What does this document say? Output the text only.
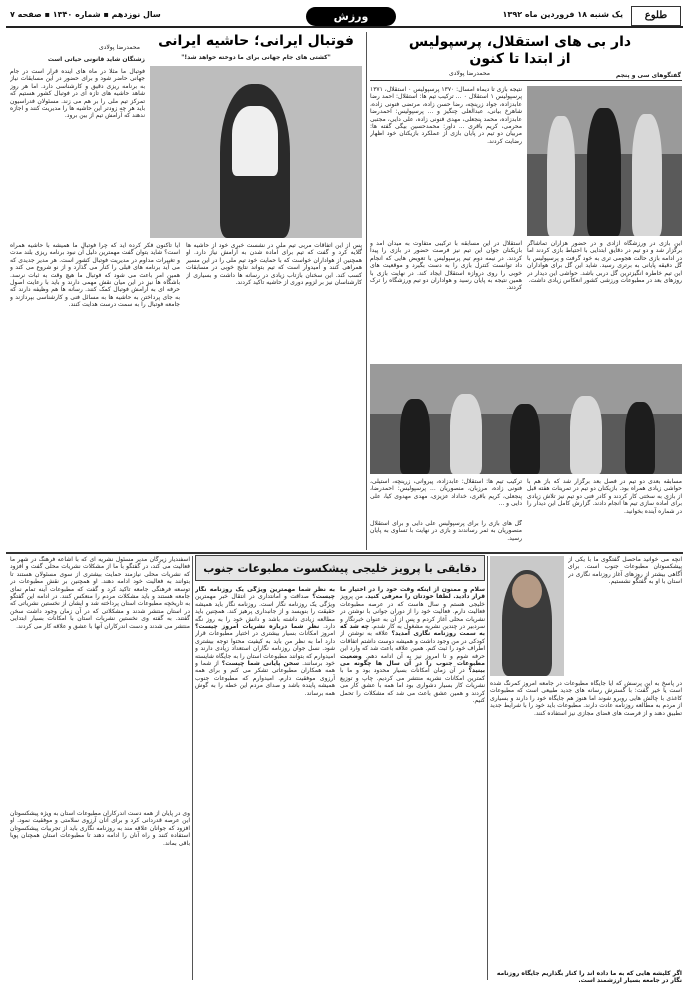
طلوع
یک شنبه ۱۸ فروردین ماه ۱۳۹۲
ورزش
سال نوزدهم ▪ شماره ۱۳۴۰ ▪ صفحه ۷
دار بی های استقلال، پرسپولیس
از ابتدا تا کنون
محمدرضا پولادی	گفتگوهای سی و پنجم
نتیجه بازی تا دیماه امسال: ۱۳۷۰ پرسپولیس ۰ استقلال، ۱۳۷۱ پرسپولیس ۱ استقلال ۰ ... ترکیب تیم ها: استقلال: احمد رضا عابدزاده، جواد زرینچه، رضا حسن زاده، مرتضی فنونی زاده، شاهرخ بیانی، عبدالعلی چنگیز و ... پرسپولیس: احمدرضا عابدزاده، محمد پنجعلی، مهدی فنونی زاده، علی دایی، مجتبی محرمی، کریم باقری ... داور: محمدحسین بیگی گفته ها: مربیان دو تیم در پایان بازی از عملکرد بازیکنان خود اظهار رضایت کردند.
این بازی در ورزشگاه آزادی و در حضور هزاران تماشاگر برگزار شد و دو تیم در دقایق ابتدایی با احتیاط بازی کردند اما در ادامه بازی حالت هجومی تری به خود گرفت و پرسپولیس با گل دقیقه پایانی به برتری رسید. شاید این گل برای هواداران این تیم خاطره انگیزترین گل دربی باشد. حواشی این دیدار در روزهای بعد در مطبوعات ورزشی کشور انعکاس زیادی داشت.
استقلال در این مسابقه با ترکیبی متفاوت به میدان آمد و بازیکنان جوان این تیم نیز فرصت حضور در بازی را پیدا کردند. در نیمه دوم تیم پرسپولیس با تعویض هایی که انجام داد توانست کنترل بازی را به دست بگیرد و موقعیت های خوبی را روی دروازه استقلال ایجاد کند. در نهایت بازی با همین نتیجه به پایان رسید و هواداران دو تیم ورزشگاه را ترک کردند.
مسابقه بعدی دو تیم در فصل بعد برگزار شد که باز هم با حواشی زیادی همراه بود. بازیکنان دو تیم در تمرینات هفته قبل از بازی به سختی کار کردند و کادر فنی دو تیم نیز تلاش زیادی برای آماده سازی تیم ها انجام دادند. گزارش کامل این دیدار را در شماره آینده بخوانید.
ترکیب تیم ها: استقلال: عابدزاده، پیروانی، زرینچه، استیلی، فنونی زاده، مرزبان، منصوریان ... پرسپولیس: احمدرضا، پنجعلی، کریم باقری، خداداد عزیزی، مهدی مهدوی کیا، علی دایی و ...
گل های بازی را برای پرسپولیس علی دایی و برای استقلال منصوریان به ثمر رساندند و بازی در نهایت با تساوی به پایان رسید.
فوتبال ایرانی؛ حاشیه ایرانی
محمدرضا پولادی
"کشتی های جام جهانی برای ما دوخته خواهد شد!"
زشتگان شاید قانونی حیاتی است
فوتبال ما مثلا در ماه های آینده قرار است در جام جهانی حاضر شود و برای حضور در این مسابقات نیاز به برنامه ریزی دقیق و کارشناسی دارد. اما هر روز شاهد حاشیه های تازه ای در فوتبال کشور هستیم که تمرکز تیم ملی را بر هم می زند. مسئولان فدراسیون باید هر چه زودتر این حاشیه ها را مدیریت کنند و اجازه ندهند که آرامش تیم از بین برود.
آیا تاکنون فکر کرده اید که چرا فوتبال ما همیشه با حاشیه همراه است؟ شاید بتوان گفت مهمترین دلیل آن نبود برنامه ریزی بلند مدت و تغییرات مداوم در مدیریت فوتبال کشور است. هر مدیر جدیدی که می آید برنامه های قبلی را کنار می گذارد و از نو شروع می کند و همین امر باعث می شود که فوتبال ما هیچ وقت به ثبات نرسد. باشگاه ها نیز در این میان نقش مهمی دارند و باید با رعایت اصول حرفه ای به آرامش فوتبال کمک کنند. رسانه ها هم وظیفه دارند که به جای پرداختن به حاشیه ها به مسائل فنی و کارشناسی بپردازند و جامعه فوتبال را به سمت درست هدایت کنند.
پس از این اتفاقات مربی تیم ملی در نشست خبری خود از حاشیه ها گلایه کرد و گفت که تیم برای آماده شدن به آرامش نیاز دارد. او همچنین از هواداران خواست که با حمایت خود تیم ملی را در این مسیر همراهی کنند و امیدوار است که تیم بتواند نتایج خوبی در مسابقات کسب کند. این سخنان بازتاب زیادی در رسانه ها داشت و بسیاری از کارشناسان نیز بر لزوم دوری از حاشیه تاکید کردند.
دقایقی با پرویز خلیجی پیشکسوت مطبوعات جنوب
اسفندیار زیرگان مدیر مسئول نشریه ای که با اشاعه فرهنگ در شهر ما فعالیت می کند، در گفتگو با ما از مشکلات نشریات محلی گفت و افزود که نشریات محلی نیازمند حمایت بیشتری از سوی مسئولان هستند تا بتوانند به فعالیت خود ادامه دهند. او همچنین بر نقش مطبوعات در توسعه فرهنگی جامعه تاکید کرد و گفت که مطبوعات آینه تمام نمای جامعه هستند و باید مشکلات مردم را منعکس کنند. در ادامه این گفتگو به تاریخچه مطبوعات استان پرداخته شد و ایشان از نخستین نشریاتی که در استان منتشر شدند و مشکلاتی که در آن زمان وجود داشت سخن گفتند. به گفته وی نخستین نشریات استان با امکانات بسیار ابتدایی منتشر می شدند و دست اندرکاران آنها با عشق و علاقه کار می کردند.
وی در پایان از همه دست اندرکاران مطبوعات استان به ویژه پیشکسوتان این عرصه قدردانی کرد و برای آنان آرزوی سلامتی و موفقیت نمود. او افزود که جوانان علاقه مند به روزنامه نگاری باید از تجربیات پیشکسوتان استفاده کنند و راه آنان را ادامه دهند تا مطبوعات استان همچنان پویا باقی بماند.
سلام و ممنون از اینکه وقت خود را در اختیار ما قرار دادید. لطفا خودتان را معرفی کنید. من پرویز خلیجی هستم و سال هاست که در عرصه مطبوعات فعالیت دارم. فعالیت خود را از دوران جوانی با نوشتن در نشریات محلی آغاز کردم و پس از آن به عنوان خبرنگار و سردبیر در چندین نشریه مشغول به کار شدم. چه شد که به سمت روزنامه نگاری آمدید؟ علاقه به نوشتن از کودکی در من وجود داشت و همیشه دوست داشتم اتفاقات اطراف خود را ثبت کنم. همین علاقه باعث شد که وارد این حرفه شوم و تا امروز نیز به آن ادامه دهم. وضعیت مطبوعات جنوب را در آن سال ها چگونه می بینید؟ در آن زمان امکانات بسیار محدود بود و ما با کمترین امکانات نشریه منتشر می کردیم. چاپ و توزیع نشریات کار بسیار دشواری بود اما همه با عشق کار می کردند و همین عشق باعث می شد که مشکلات را تحمل کنیم.
به نظر شما مهمترین ویژگی یک روزنامه نگار چیست؟ صداقت و امانتداری در انتقال خبر مهمترین ویژگی یک روزنامه نگار است. روزنامه نگار باید همیشه حقیقت را بنویسد و از جانبداری پرهیز کند. همچنین باید مطالعه زیادی داشته باشد و دانش خود را به روز نگه دارد. نظر شما درباره نشریات امروز چیست؟ امروز امکانات بسیار بیشتری در اختیار مطبوعات قرار دارد اما به نظر من باید به کیفیت محتوا توجه بیشتری شود. نسل جوان روزنامه نگاران استعداد زیادی دارند و امیدوارم که بتوانند مطبوعات استان را به جایگاه شایسته خود برسانند. سخن پایانی شما چیست؟ از شما و همه همکاران مطبوعاتی تشکر می کنم و برای همه آرزوی موفقیت دارم. امیدوارم که مطبوعات جنوب همیشه پاینده باشد و صدای مردم این خطه را به گوش همه برساند.
آنچه می خوانید ماحصل گفتگوی ما با یکی از پیشکسوتان مطبوعات جنوب است. برای آگاهی بیشتر از روزهای آغاز روزنامه نگاری در استان با او به گفتگو نشستیم.
در پاسخ به این پرسش که آیا جایگاه مطبوعات در جامعه امروز کمرنگ شده است یا خیر گفت: با گسترش رسانه های جدید طبیعی است که مطبوعات کاغذی با چالش هایی روبرو شوند اما هنوز هم جایگاه خود را دارند و بسیاری از مردم به مطالعه روزنامه عادت دارند. مطبوعات باید خود را با شرایط جدید تطبیق دهند و از فرصت های فضای مجازی نیز استفاده کنند.
اگر کلیشه هایی که به ما داده اند را کنار بگذاریم جایگاه روزنامه نگار در جامعه بسیار ارزشمند است.
